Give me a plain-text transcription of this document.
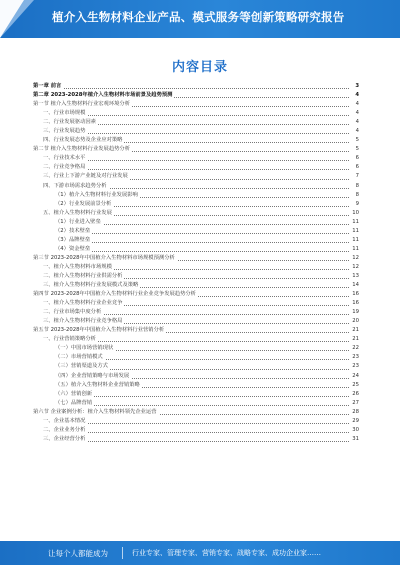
植介入生物材料企业产品、模式服务等创新策略研究报告
内容目录
第一章 前言	3
第二章 2023-2028年植介入生物材料市场前景及趋势预测	4
第一节 植介入生物材料行业宏观环境分析	4
一、行业市场规模	4
二、行业发展驱动因素	4
三、行业发展趋势	4
四、行业发展态势及企业应对策略	5
第二节 植介入生物材料行业发展趋势分析	5
一、行业技术水平	6
二、行业竞争格局	6
三、行业上下游产业链及对行业发展	7
四、下游市场需求趋势分析	8
（1）植介入生物材料行业发展影响	8
（2）行业发展前景分析	9
五、植介入生物材料行业发展	10
（1）行业进入壁垒	11
（2）技术壁垒	11
（3）品牌壁垒	11
（4）资金壁垒	11
第三节 2023-2028年中国植介入生物材料市场规模预测分析	12
一、植介入生物材料市场规模	12
二、植介入生物材料行业供需分析	13
三、植介入生物材料行业发展模式及策略	14
第四节 2023-2028年中国植介入生物材料行业企业竞争发展趋势分析	16
一、植介入生物材料行业企业竞争	16
二、行业市场集中度分析	19
三、植介入生物材料行业竞争格局	20
第五节 2023-2028年中国植介入生物材料行业营销分析	21
一、行业营销策略分析	21
（一）中国市场营销现状	22
（二）市场营销模式	23
（三）营销渠道及方式	23
（四）企业营销策略与市场发展	24
（五）植介入生物材料企业营销策略	25
（六）营销创新	26
（七）品牌营销	27
第六节 企业案例分析：植介入生物材料领先企业运营	28
一、企业基本情况	29
二、企业业务分析	30
三、企业经营分析	31
让每个人都能成为	行业专家、管理专家、营销专家、战略专家、成功企业家……
